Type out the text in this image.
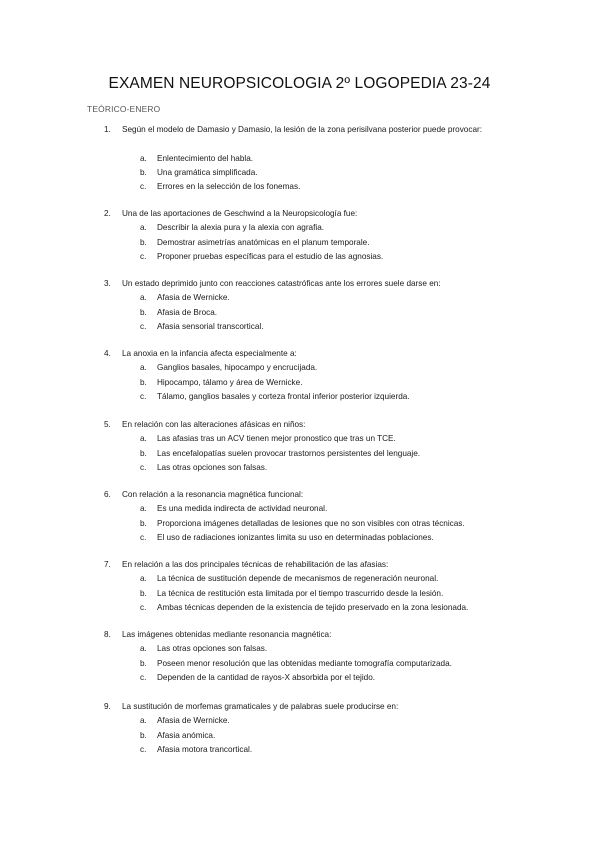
EXAMEN NEUROPSICOLOGIA 2º LOGOPEDIA 23-24
TEÓRICO-ENERO
1. Según el modelo de Damasio y Damasio, la lesión de la zona perisilvana posterior puede provocar:
a. Enlentecimiento del habla.
b. Una gramática simplificada.
c. Errores en la selección de los fonemas.
2. Una de las aportaciones de Geschwind a la Neuropsicología fue:
a. Describir la alexia pura y la alexia con agrafia.
b. Demostrar asimetrías anatómicas en el planum temporale.
c. Proponer pruebas específicas para el estudio de las agnosias.
3. Un estado deprimido junto con reacciones catastróficas ante los errores suele darse en:
a. Afasia de Wernicke.
b. Afasia de Broca.
c. Afasia sensorial transcortical.
4. La anoxia en la infancia afecta especialmente a:
a. Ganglios basales, hipocampo y encrucijada.
b. Hipocampo, tálamo y área de Wernicke.
c. Tálamo, ganglios basales y corteza frontal inferior posterior izquierda.
5. En relación con las alteraciones afásicas en niños:
a. Las afasias tras un ACV tienen mejor pronostico que tras un TCE.
b. Las encefalopatías suelen provocar trastornos persistentes del lenguaje.
c. Las otras opciones son falsas.
6. Con relación a la resonancia magnética funcional:
a. Es una medida indirecta de actividad neuronal.
b. Proporciona imágenes detalladas de lesiones que no son visibles con otras técnicas.
c. El uso de radiaciones ionizantes limita su uso en determinadas poblaciones.
7. En relación a las dos principales técnicas de rehabilitación de las afasias:
a. La técnica de sustitución depende de mecanismos de regeneración neuronal.
b. La técnica de restitución esta limitada por el tiempo trascurrido desde la lesión.
c. Ambas técnicas dependen de la existencia de tejido preservado en la zona lesionada.
8. Las imágenes obtenidas mediante resonancia magnética:
a. Las otras opciones son falsas.
b. Poseen menor resolución que las obtenidas mediante tomografía computarizada.
c. Dependen de la cantidad de rayos-X absorbida por el tejido.
9. La sustitución de morfemas gramaticales y de palabras suele producirse en:
a. Afasia de Wernicke.
b. Afasia anómica.
c. Afasia motora trancortical.
